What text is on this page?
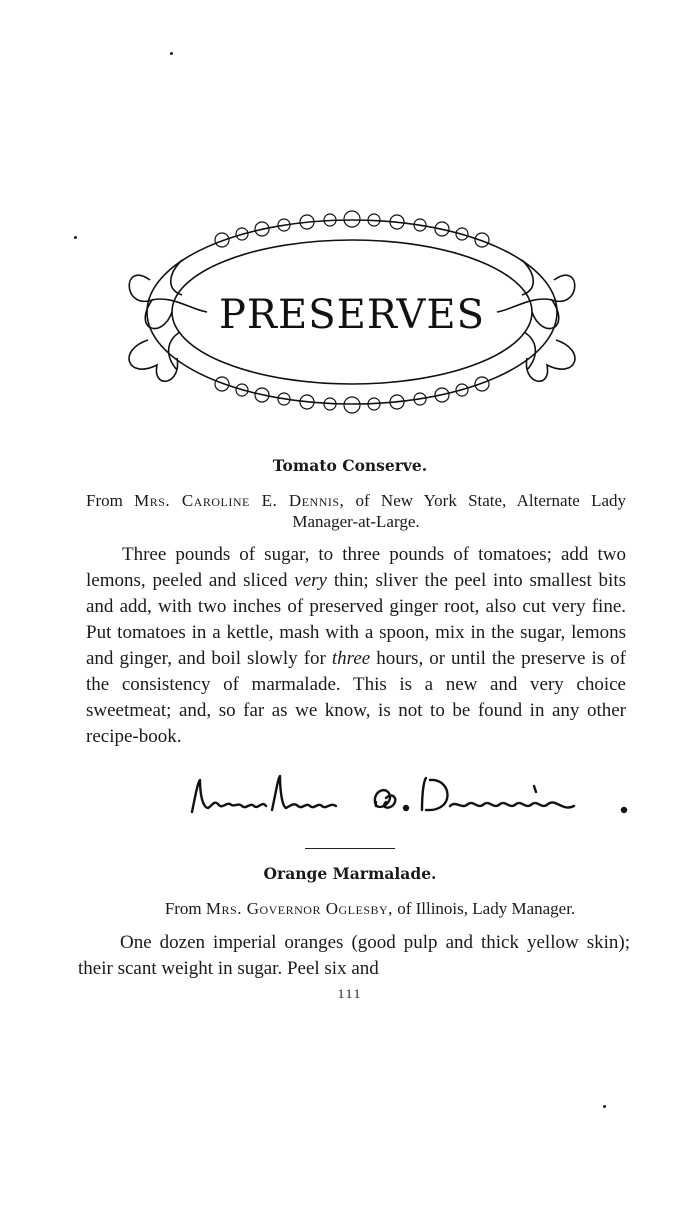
PRESERVES
Tomato Conserve.
From Mrs. Caroline E. Dennis, of New York State, Alternate Lady Manager-at-Large.

Three pounds of sugar, to three pounds of tomatoes; add two lemons, peeled and sliced very thin; sliver the peel into smallest bits and add, with two inches of preserved ginger root, also cut very fine. Put tomatoes in a kettle, mash with a spoon, mix in the sugar, lemons and ginger, and boil slowly for three hours, or until the preserve is of the consistency of marmalade. This is a new and very choice sweetmeat; and, so far as we know, is not to be found in any other recipe-book.

Orange Marmalade.
From Mrs. Governor Oglesby, of Illinois, Lady Manager.

One dozen imperial oranges (good pulp and thick yellow skin); their scant weight in sugar. Peel six and

111
